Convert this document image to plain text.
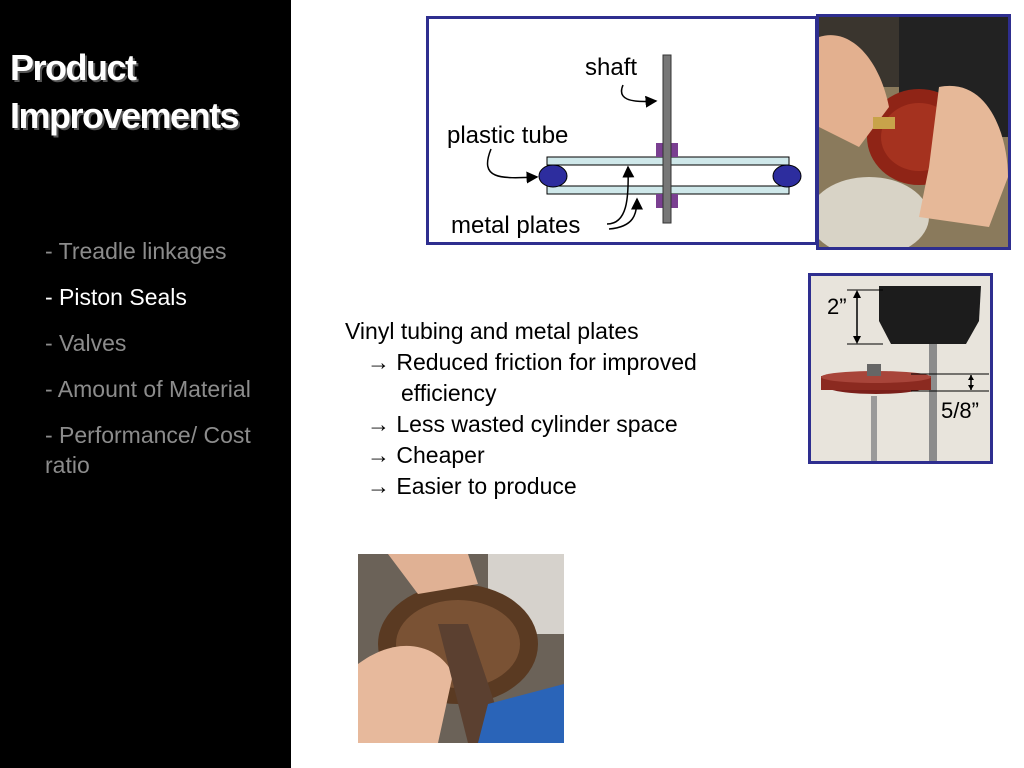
Product
Improvements
- Treadle linkages
- Piston Seals
- Valves
- Amount of Material
- Performance/ Cost ratio
shaft
plastic tube
metal plates
2”
5/8”
Vinyl tubing and metal plates
→ Reduced friction for improved
efficiency
→ Less wasted cylinder space
→ Cheaper
→ Easier to produce
